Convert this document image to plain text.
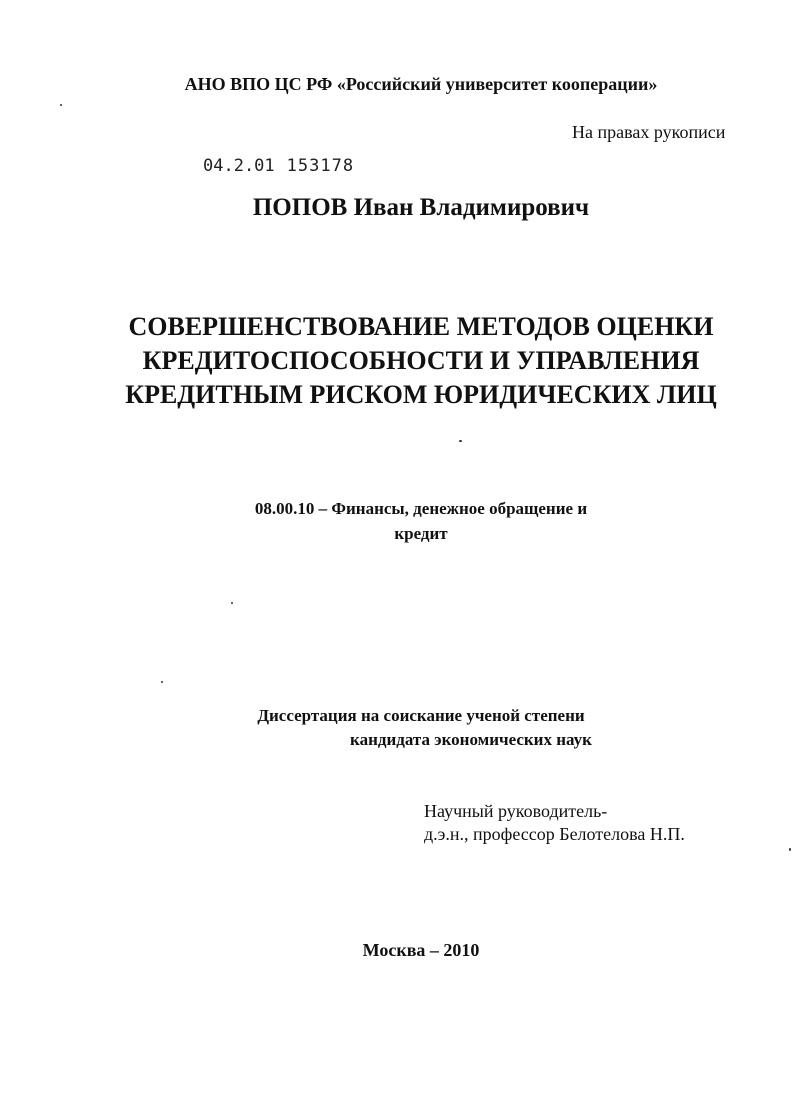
АНО ВПО ЦС РФ «Российский университет кооперации»
На правах рукописи
04.2.01 153178
ПОПОВ Иван Владимирович
СОВЕРШЕНСТВОВАНИЕ МЕТОДОВ ОЦЕНКИ
КРЕДИТОСПОСОБНОСТИ И УПРАВЛЕНИЯ
КРЕДИТНЫМ РИСКОМ ЮРИДИЧЕСКИХ ЛИЦ
08.00.10 – Финансы, денежное обращение и
кредит
Диссертация на соискание ученой степени
кандидата экономических наук
Научный руководитель-
д.э.н., профессор Белотелова Н.П.
Москва – 2010
